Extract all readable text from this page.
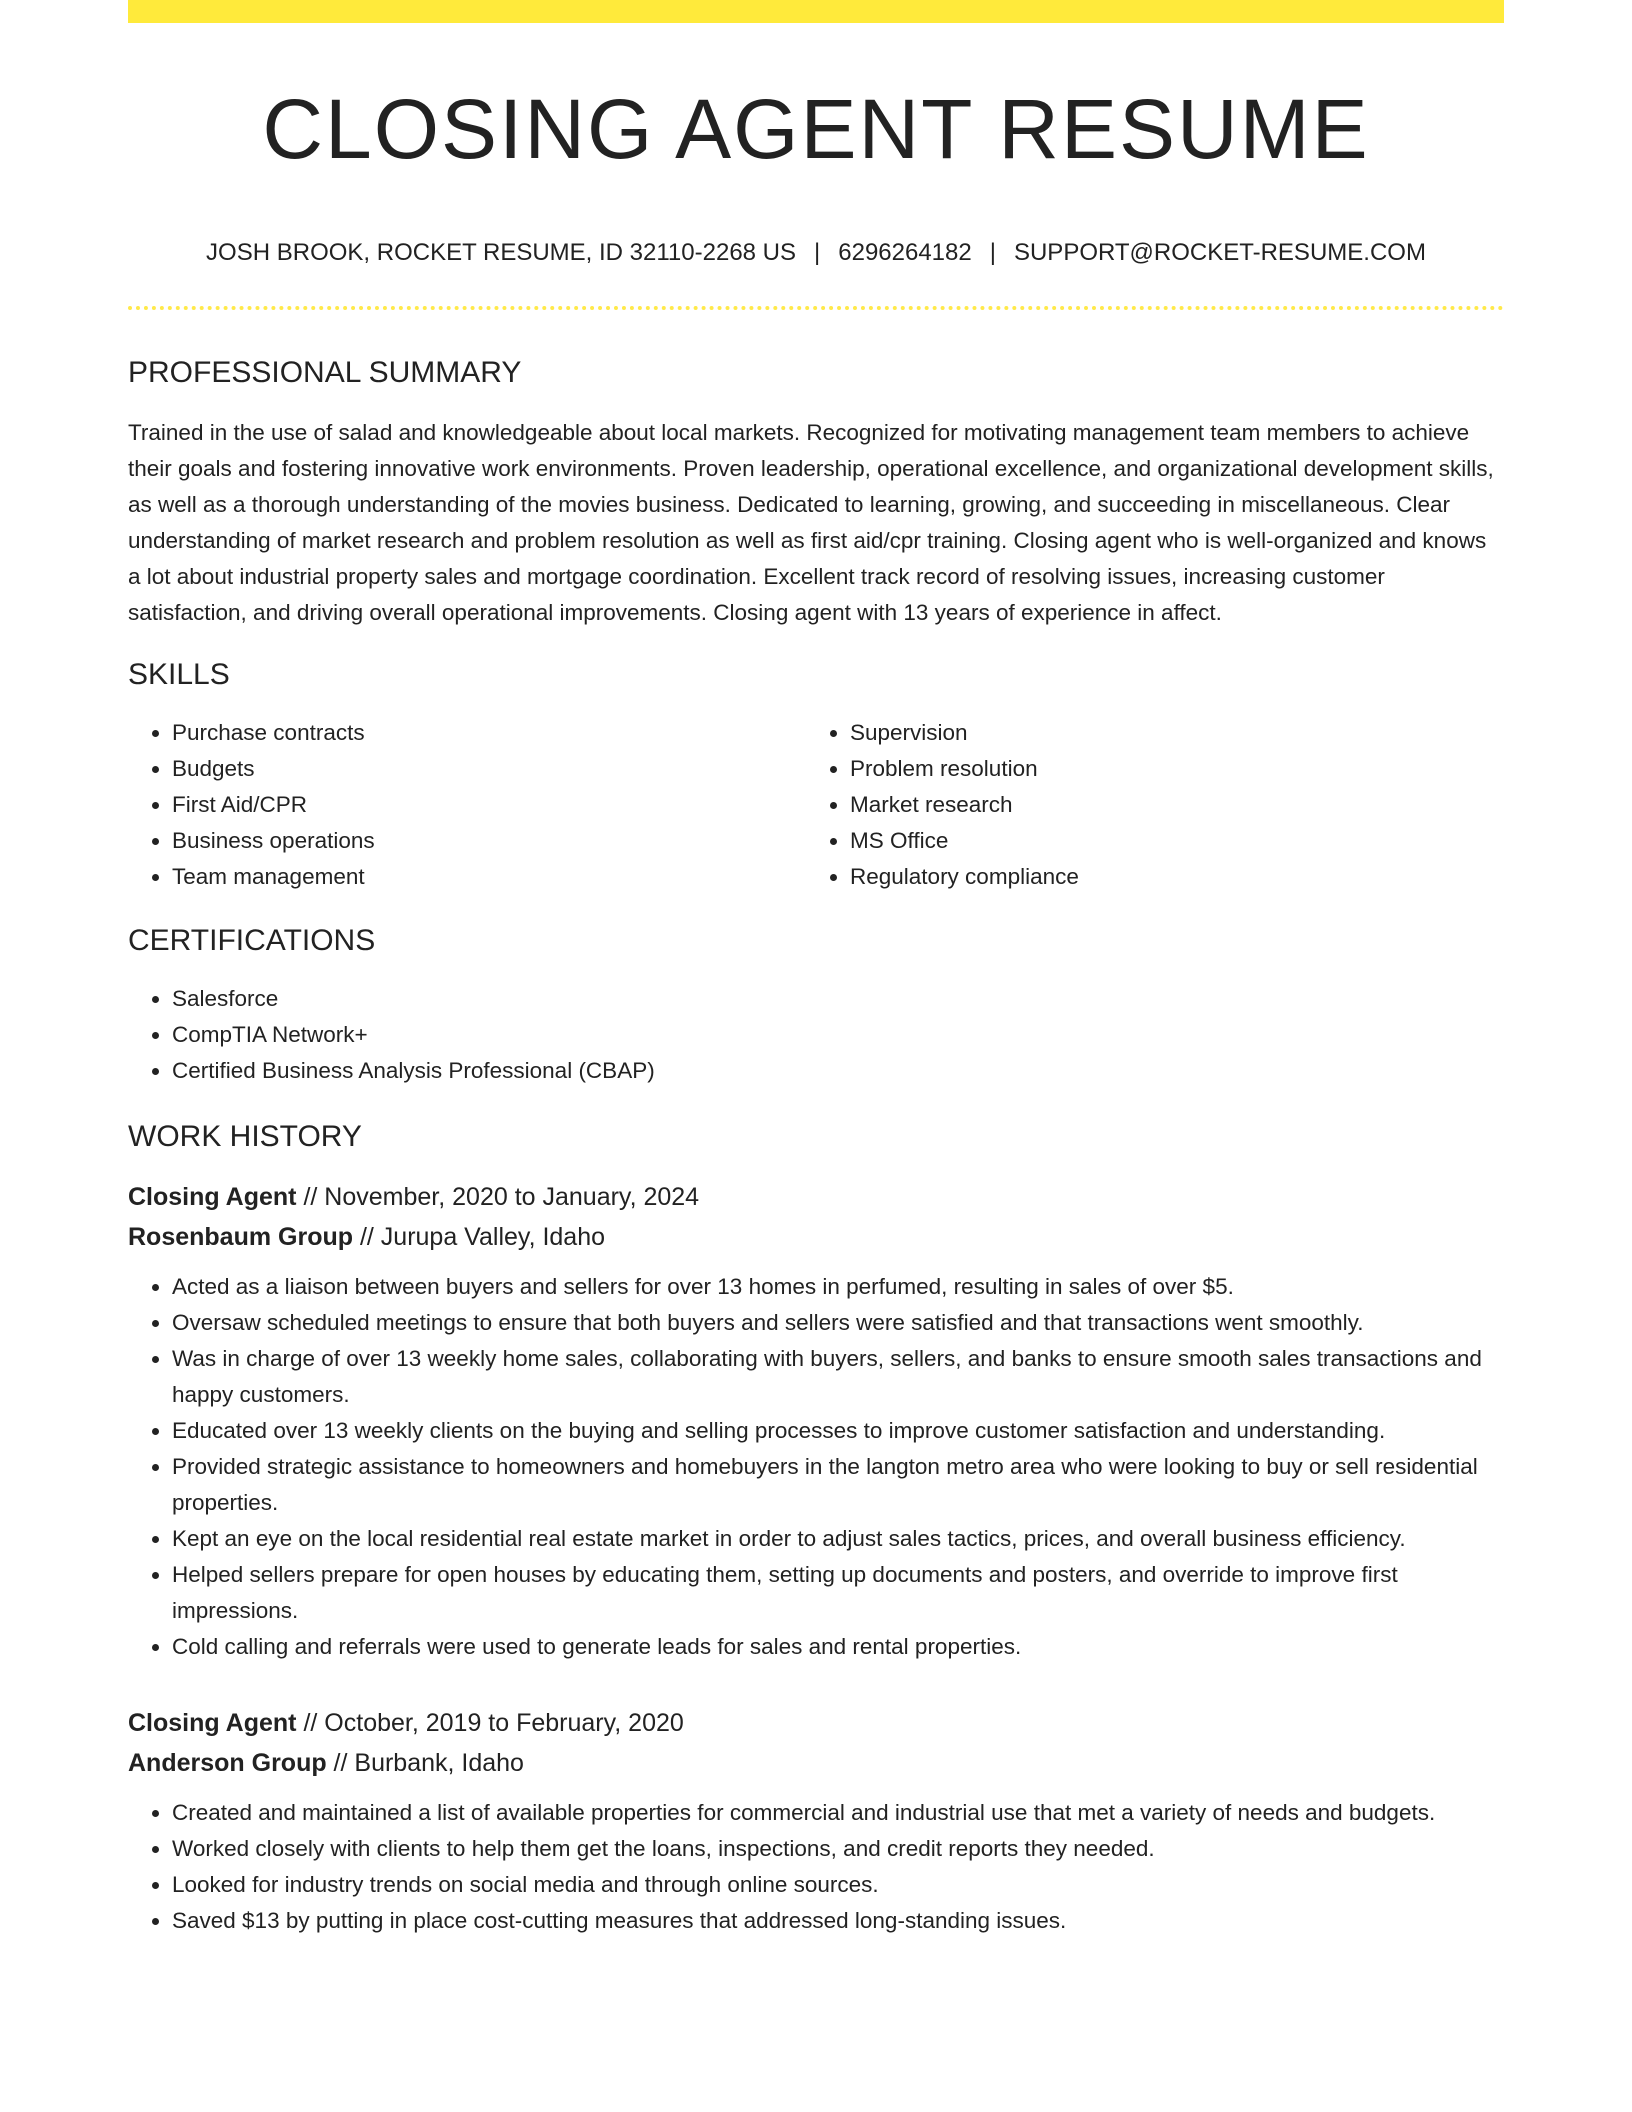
CLOSING AGENT RESUME
JOSH BROOK, ROCKET RESUME, ID 32110-2268 US | 6296264182 | SUPPORT@ROCKET-RESUME.COM
PROFESSIONAL SUMMARY

Trained in the use of salad and knowledgeable about local markets. Recognized for motivating management team members to achieve their goals and fostering innovative work environments. Proven leadership, operational excellence, and organizational development skills, as well as a thorough understanding of the movies business. Dedicated to learning, growing, and succeeding in miscellaneous. Clear understanding of market research and problem resolution as well as first aid/cpr training. Closing agent who is well-organized and knows a lot about industrial property sales and mortgage coordination. Excellent track record of resolving issues, increasing customer satisfaction, and driving overall operational improvements. Closing agent with 13 years of experience in affect.

SKILLS
• Purchase contracts
• Budgets
• First Aid/CPR
• Business operations
• Team management
• Supervision
• Problem resolution
• Market research
• MS Office
• Regulatory compliance
CERTIFICATIONS
• Salesforce
• CompTIA Network+
• Certified Business Analysis Professional (CBAP)
WORK HISTORY
Closing Agent // November, 2020 to January, 2024
Rosenbaum Group // Jurupa Valley, Idaho
• Acted as a liaison between buyers and sellers for over 13 homes in perfumed, resulting in sales of over $5.
• Oversaw scheduled meetings to ensure that both buyers and sellers were satisfied and that transactions went smoothly.
• Was in charge of over 13 weekly home sales, collaborating with buyers, sellers, and banks to ensure smooth sales transactions and happy customers.
• Educated over 13 weekly clients on the buying and selling processes to improve customer satisfaction and understanding.
• Provided strategic assistance to homeowners and homebuyers in the langton metro area who were looking to buy or sell residential properties.
• Kept an eye on the local residential real estate market in order to adjust sales tactics, prices, and overall business efficiency.
• Helped sellers prepare for open houses by educating them, setting up documents and posters, and override to improve first impressions.
• Cold calling and referrals were used to generate leads for sales and rental properties.
Closing Agent // October, 2019 to February, 2020
Anderson Group // Burbank, Idaho
• Created and maintained a list of available properties for commercial and industrial use that met a variety of needs and budgets.
• Worked closely with clients to help them get the loans, inspections, and credit reports they needed.
• Looked for industry trends on social media and through online sources.
• Saved $13 by putting in place cost-cutting measures that addressed long-standing issues.
